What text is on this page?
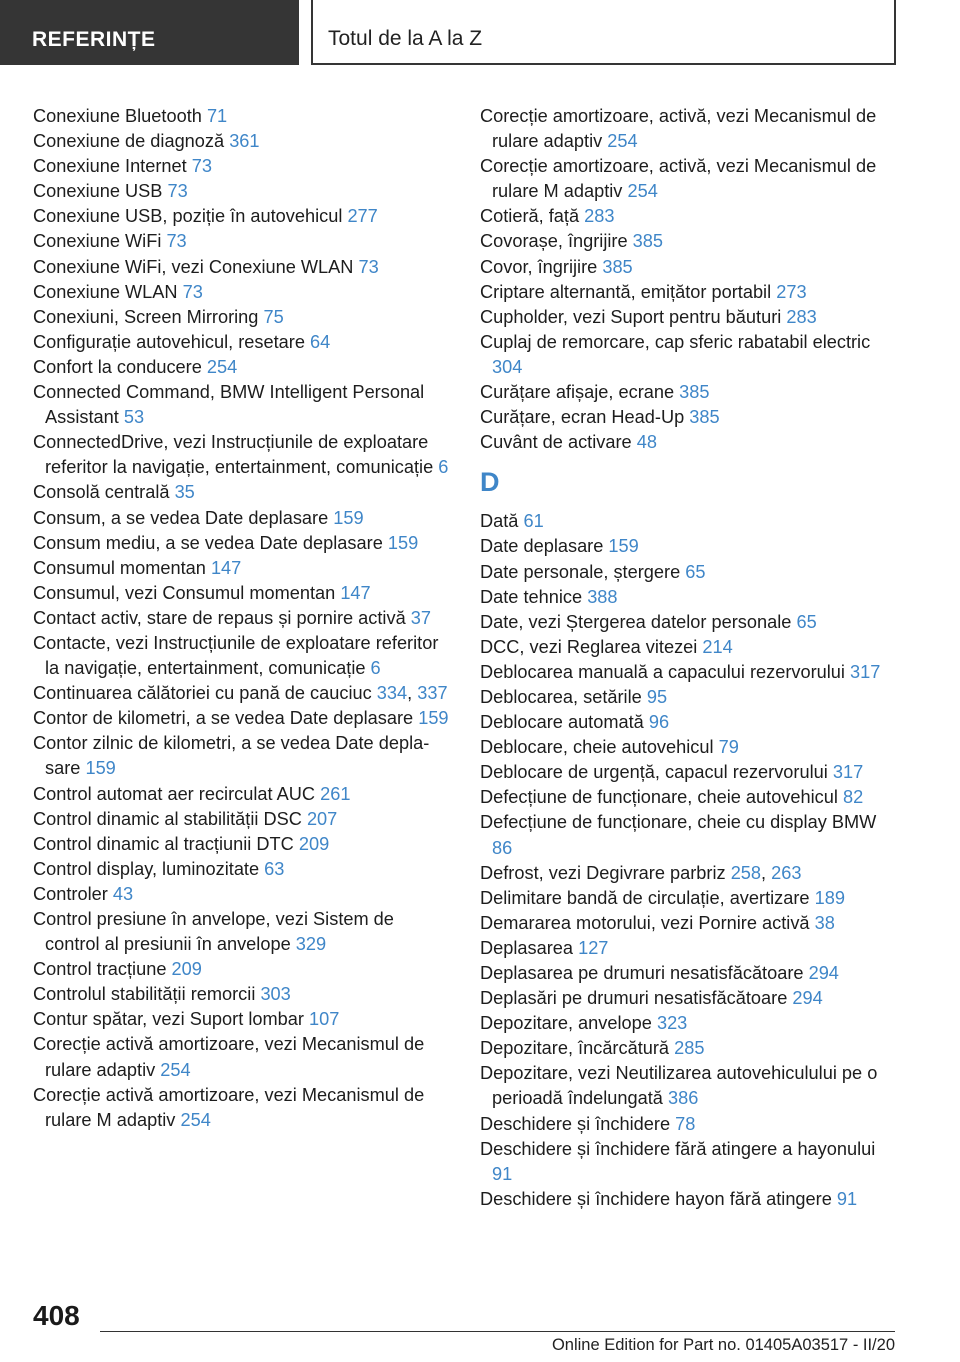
REFERINȚE	Totul de la A la Z
Conexiune Bluetooth 71
Conexiune de diagnoză 361
Conexiune Internet 73
Conexiune USB 73
Conexiune USB, poziție în autovehicul 277
Conexiune WiFi 73
Conexiune WiFi, vezi Conexiune WLAN 73
Conexiune WLAN 73
Conexiuni, Screen Mirroring 75
Configurație autovehicul, resetare 64
Confort la conducere 254
Connected Command, BMW Intelligent Personal Assistant 53
ConnectedDrive, vezi Instrucțiunile de exploatare referitor la navigație, entertainment, comunicație 6
Consolă centrală 35
Consum, a se vedea Date deplasare 159
Consum mediu, a se vedea Date deplasare 159
Consumul momentan 147
Consumul, vezi Consumul momentan 147
Contact activ, stare de repaus și pornire activă 37
Contacte, vezi Instrucțiunile de exploatare referitor la navigație, entertainment, comunicație 6
Continuarea călătoriei cu pană de cauciuc 334, 337
Contor de kilometri, a se vedea Date deplasare 159
Contor zilnic de kilometri, a se vedea Date deplasare 159
Control automat aer recirculat AUC 261
Control dinamic al stabilității DSC 207
Control dinamic al tracțiunii DTC 209
Control display, luminozitate 63
Controler 43
Control presiune în anvelope, vezi Sistem de control al presiunii în anvelope 329
Control tracțiune 209
Controlul stabilității remorcii 303
Contur spătar, vezi Suport lombar 107
Corecție activă amortizoare, vezi Mecanismul de rulare adaptiv 254
Corecție activă amortizoare, vezi Mecanismul de rulare M adaptiv 254
Corecție amortizoare, activă, vezi Mecanismul de rulare adaptiv 254
Corecție amortizoare, activă, vezi Mecanismul de rulare M adaptiv 254
Cotieră, față 283
Covorașe, îngrijire 385
Covor, îngrijire 385
Criptare alternantă, emițător portabil 273
Cupholder, vezi Suport pentru băuturi 283
Cuplaj de remorcare, cap sferic rabatabil electric 304
Curățare afișaje, ecrane 385
Curățare, ecran Head-Up 385
Cuvânt de activare 48
D
Dată 61
Date deplasare 159
Date personale, ștergere 65
Date tehnice 388
Date, vezi Ștergerea datelor personale 65
DCC, vezi Reglarea vitezei 214
Deblocarea manuală a capacului rezervorului 317
Deblocarea, setările 95
Deblocare automată 96
Deblocare, cheie autovehicul 79
Deblocare de urgență, capacul rezervorului 317
Defecțiune de funcționare, cheie autovehicul 82
Defecțiune de funcționare, cheie cu display BMW 86
Defrost, vezi Degivrare parbriz 258, 263
Delimitare bandă de circulație, avertizare 189
Demararea motorului, vezi Pornire activă 38
Deplasarea 127
Deplasarea pe drumuri nesatisfăcătoare 294
Deplasări pe drumuri nesatisfăcătoare 294
Depozitare, anvelope 323
Depozitare, încărcătură 285
Depozitare, vezi Neutilizarea autovehiculului pe o perioadă îndelungată 386
Deschidere și închidere 78
Deschidere și închidere fără atingere a hayonului 91
Deschidere și închidere hayon fără atingere 91
408
Online Edition for Part no. 01405A03517 - II/20
